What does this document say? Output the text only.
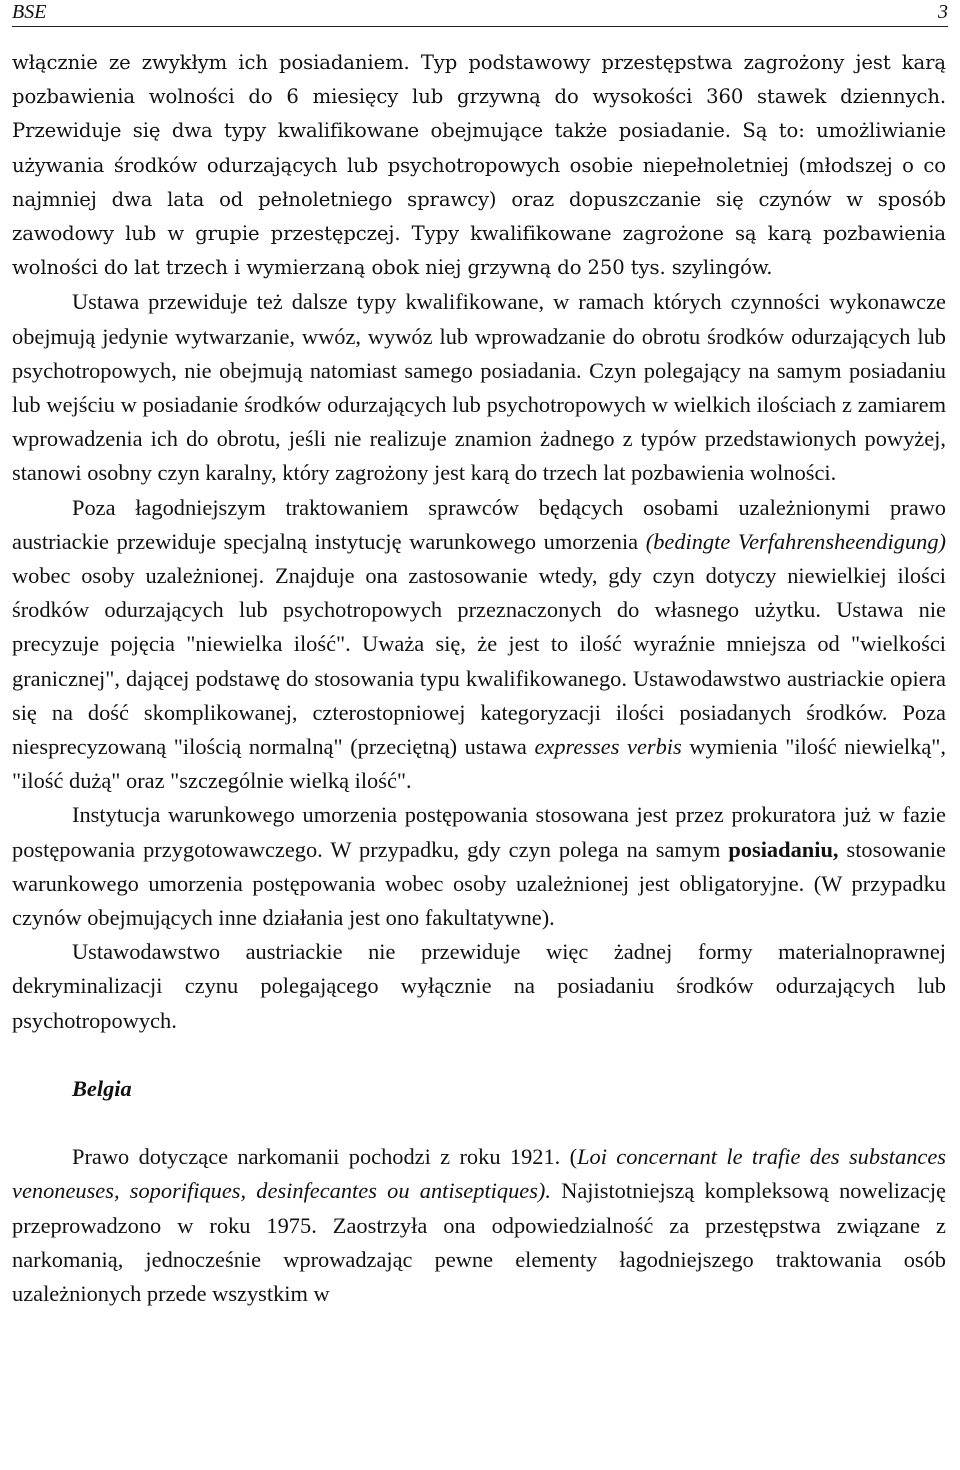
BSE	3

włącznie ze zwykłym ich posiadaniem. Typ podstawowy przestępstwa zagrożony jest karą pozbawienia wolności do 6 miesięcy lub grzywną do wysokości 360 stawek dziennych. Przewiduje się dwa typy kwalifikowane obejmujące także posiadanie. Są to: umożliwianie używania środków odurzających lub psychotropowych osobie niepełnoletniej (młodszej o co najmniej dwa lata od pełnoletniego sprawcy) oraz dopuszczanie się czynów w sposób zawodowy lub w grupie przestępczej. Typy kwalifikowane zagrożone są karą pozbawienia wolności do lat trzech i wymierzaną obok niej grzywną do 250 tys. szylingów.

Ustawa przewiduje też dalsze typy kwalifikowane, w ramach których czynności wykonawcze obejmują jedynie wytwarzanie, wwóz, wywóz lub wprowadzanie do obrotu środków odurzających lub psychotropowych, nie obejmują natomiast samego posiadania. Czyn polegający na samym posiadaniu lub wejściu w posiadanie środków odurzających lub psychotropowych w wielkich ilościach z zamiarem wprowadzenia ich do obrotu, jeśli nie realizuje znamion żadnego z typów przedstawionych powyżej, stanowi osobny czyn karalny, który zagrożony jest karą do trzech lat pozbawienia wolności.

Poza łagodniejszym traktowaniem sprawców będących osobami uzależnionymi prawo austriackie przewiduje specjalną instytucję warunkowego umorzenia (bedingte Verfahrensheendigung) wobec osoby uzależnionej. Znajduje ona zastosowanie wtedy, gdy czyn dotyczy niewielkiej ilości środków odurzających lub psychotropowych przeznaczonych do własnego użytku. Ustawa nie precyzuje pojęcia "niewielka ilość". Uważa się, że jest to ilość wyraźnie mniejsza od "wielkości granicznej", dającej podstawę do stosowania typu kwalifikowanego. Ustawodawstwo austriackie opiera się na dość skomplikowanej, czterostopniowej kategoryzacji ilości posiadanych środków. Poza niesprecyzowaną "ilością normalną" (przeciętną) ustawa expresses verbis wymienia "ilość niewielką", "ilość dużą" oraz "szczególnie wielką ilość".

Instytucja warunkowego umorzenia postępowania stosowana jest przez prokuratora już w fazie postępowania przygotowawczego. W przypadku, gdy czyn polega na samym posiadaniu, stosowanie warunkowego umorzenia postępowania wobec osoby uzależnionej jest obligatoryjne. (W przypadku czynów obejmujących inne działania jest ono fakultatywne).

Ustawodawstwo austriackie nie przewiduje więc żadnej formy materialnoprawnej dekryminalizacji czynu polegającego wyłącznie na posiadaniu środków odurzających lub psychotropowych.

Belgia

Prawo dotyczące narkomanii pochodzi z roku 1921. (Loi concernant le trafie des substances venoneuses, soporifiques, desinfecantes ou antiseptiques). Najistotniejszą kompleksową nowelizację przeprowadzono w roku 1975. Zaostrzyła ona odpowiedzialność za przestępstwa związane z narkomanią, jednocześnie wprowadzając pewne elementy łagodniejszego traktowania osób uzależnionych przede wszystkim w
